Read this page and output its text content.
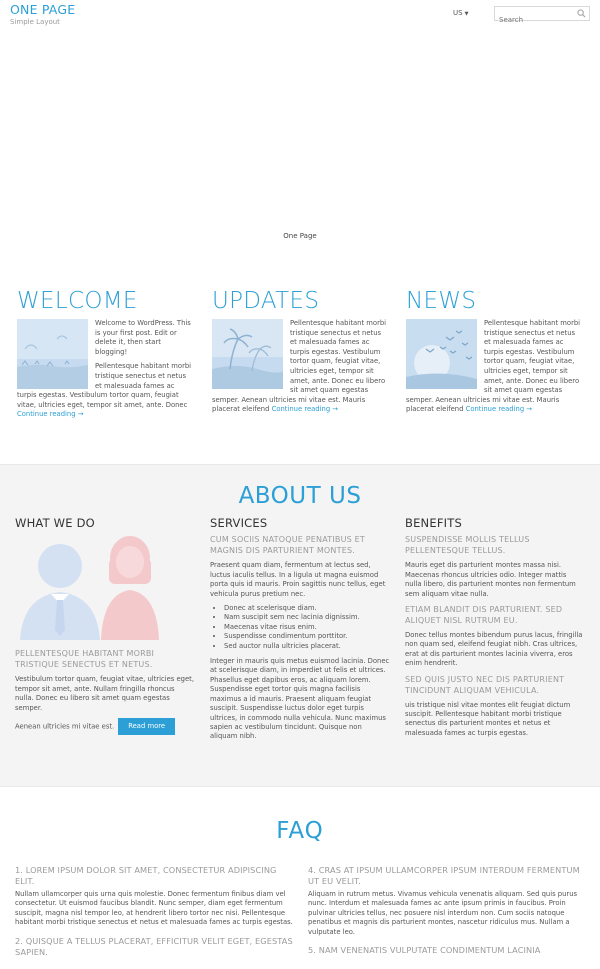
ONE PAGE
Simple Layout
US ▼
Search
One Page
WELCOME

Welcome to WordPress. This is your first post. Edit or delete it, then start blogging!

Pellentesque habitant morbi tristique senectus et netus et malesuada fames ac turpis egestas. Vestibulum tortor quam, feugiat vitae, ultricies eget, tempor sit amet, ante. Donec Continue reading →

UPDATES

Pellentesque habitant morbi tristique senectus et netus et malesuada fames ac turpis egestas. Vestibulum tortor quam, feugiat vitae, ultricies eget, tempor sit amet, ante. Donec eu libero sit amet quam egestas semper. Aenean ultricies mi vitae est. Mauris placerat eleifend Continue reading →

NEWS

Pellentesque habitant morbi tristique senectus et netus et malesuada fames ac turpis egestas. Vestibulum tortor quam, feugiat vitae, ultricies eget, tempor sit amet, ante. Donec eu libero sit amet quam egestas semper. Aenean ultricies mi vitae est. Mauris placerat eleifend Continue reading →

ABOUT US
WHAT WE DO
PELLENTESQUE HABITANT MORBI TRISTIQUE SENECTUS ET NETUS.

Vestibulum tortor quam, feugiat vitae, ultricies eget, tempor sit amet, ante. Nullam fringilla rhoncus nulla. Donec eu libero sit amet quam egestas semper.

Aenean ultricies mi vitae est. Read more

SERVICES
CUM SOCIIS NATOQUE PENATIBUS ET MAGNIS DIS PARTURIENT MONTES.

Praesent quam diam, fermentum at lectus sed, luctus iaculis tellus. In a ligula ut magna euismod porta quis id mauris. Proin sagittis nunc tellus, eget vehicula purus pretium nec.

• Donec at scelerisque diam.
• Nam suscipit sem nec lacinia dignissim.
• Maecenas vitae risus enim.
• Suspendisse condimentum porttitor.
• Sed auctor nulla ultricies placerat.

Integer in mauris quis metus euismod lacinia. Donec at scelerisque diam, in imperdiet ut felis et ultrices. Phasellus eget dapibus eros, ac aliquam lorem. Suspendisse eget tortor quis magna facilisis maximus a id mauris. Praesent aliquam feugiat suscipit. Suspendisse luctus dolor eget turpis ultrices, in commodo nulla vehicula. Nunc maximus sapien ac vestibulum tincidunt. Quisque non aliquam nibh.

BENEFITS
SUSPENDISSE MOLLIS TELLUS PELLENTESQUE TELLUS.

Mauris eget dis parturient montes massa nisi. Maecenas rhoncus ultricies odio. Integer mattis nulla libero, dis parturient montes non fermentum sem aliquam vitae nulla.

ETIAM BLANDIT DIS PARTURIENT. SED ALIQUET NISL RUTRUM EU.

Donec tellus montes bibendum purus lacus, fringilla non quam sed, eleifend feugiat nibh. Cras ultrices, erat at dis parturient montes lacinia viverra, eros enim hendrerit.

SED QUIS JUSTO NEC DIS PARTURIENT TINCIDUNT ALIQUAM VEHICULA.

uis tristique nisl vitae montes elit feugiat dictum suscipit. Pellentesque habitant morbi tristique senectus dis parturient montes et netus et malesuada fames ac turpis egestas.

FAQ
1. LOREM IPSUM DOLOR SIT AMET, CONSECTETUR ADIPISCING ELIT.

Nullam ullamcorper quis urna quis molestie. Donec fermentum finibus diam vel consectetur. Ut euismod faucibus blandit. Nunc semper, diam eget fermentum suscipit, magna nisl tempor leo, at hendrerit libero tortor nec nisi. Pellentesque habitant morbi tristique senectus et netus et malesuada fames ac turpis egestas.

2. QUISQUE A TELLUS PLACERAT, EFFICITUR VELIT EGET, EGESTAS SAPIEN.
4. CRAS AT IPSUM ULLAMCORPER IPSUM INTERDUM FERMENTUM UT EU VELIT.

Aliquam in rutrum metus. Vivamus vehicula venenatis aliquam. Sed quis purus nunc. Interdum et malesuada fames ac ante ipsum primis in faucibus. Proin pulvinar ultricies tellus, nec posuere nisl interdum non. Cum sociis natoque penatibus et magnis dis parturient montes, nascetur ridiculus mus. Nullam a vulputate leo.

5. NAM VENENATIS VULPUTATE CONDIMENTUM LACINIA
